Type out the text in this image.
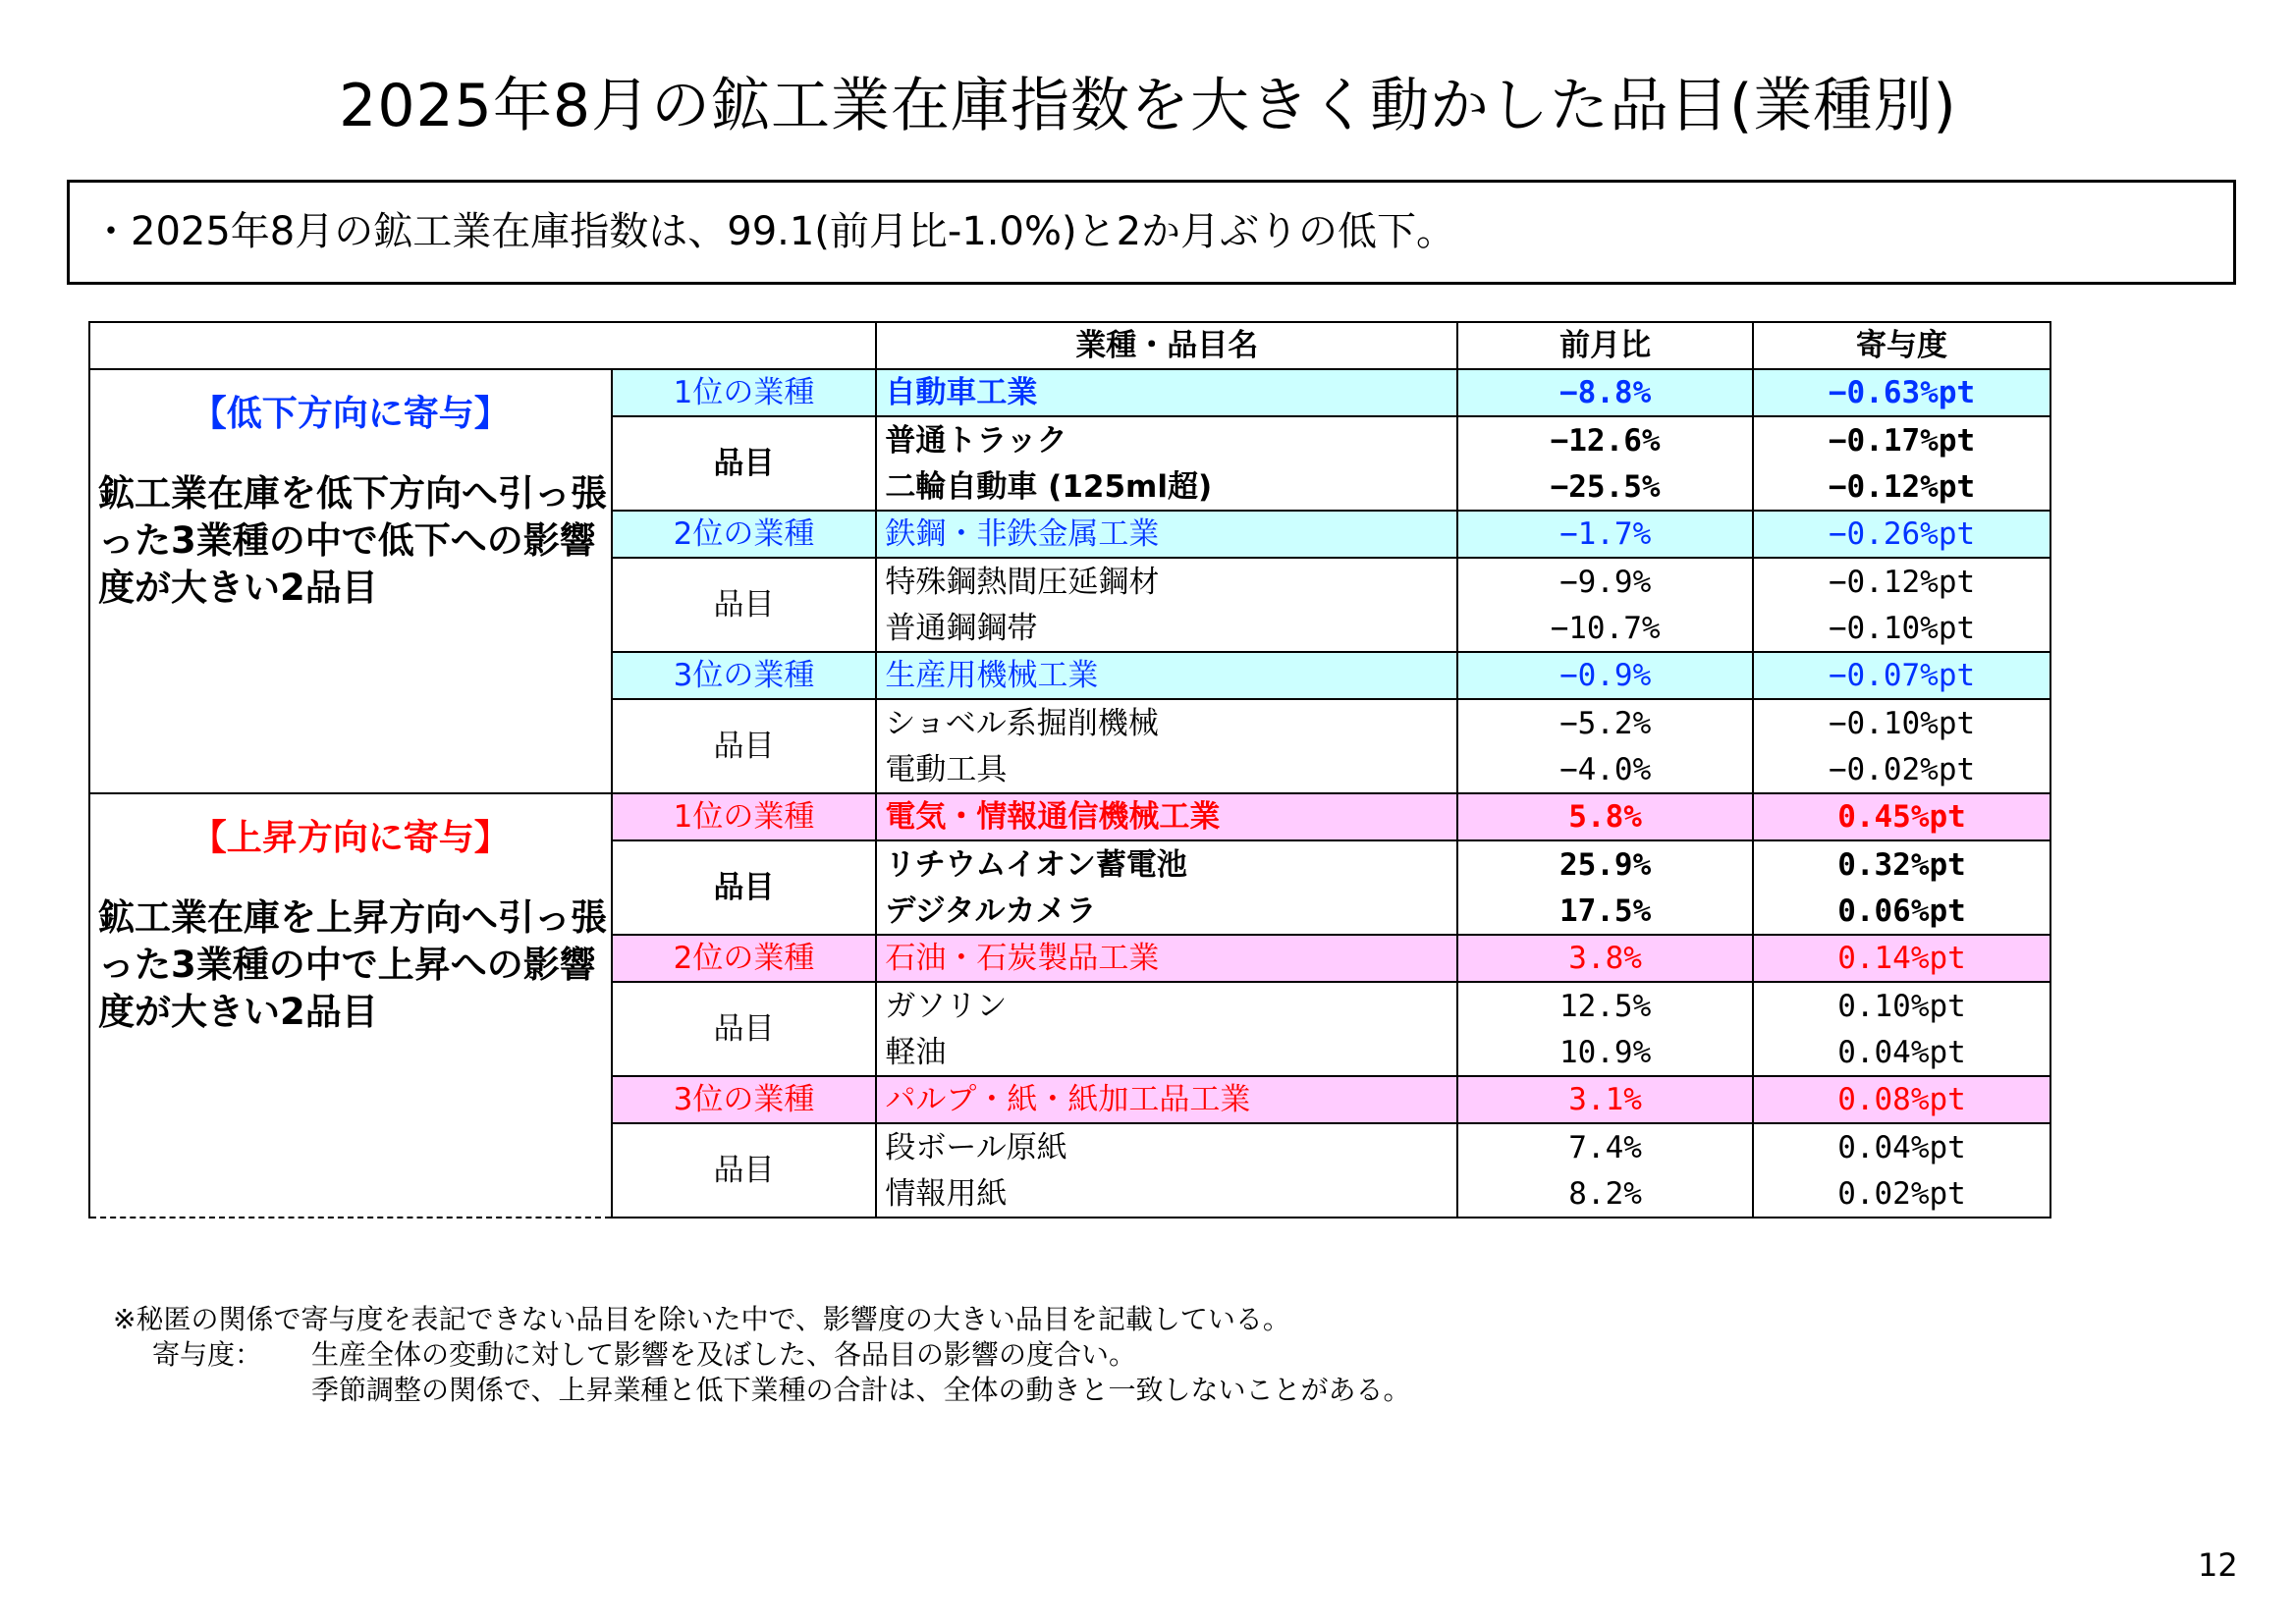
2025年8月の鉱工業在庫指数を大きく動かした品目(業種別)
・2025年8月の鉱工業在庫指数は、99.1(前月比-1.0%)と2か月ぶりの低下。
		業種・品目名	前月比	寄与度

【低下方向に寄与】
鉱工業在庫を低下方向へ引っ張った3業種の中で低下への影響度が大きい2品目	1位の業種	自動車工業	−8.8%	−0.63%pt
	品目	普通トラック	−12.6%	−0.17%pt
		二輪自動車 (125ml超)	−25.5%	−0.12%pt
	2位の業種	鉄鋼・非鉄金属工業	−1.7%	−0.26%pt
	品目	特殊鋼熱間圧延鋼材	−9.9%	−0.12%pt
		普通鋼鋼帯	−10.7%	−0.10%pt
	3位の業種	生産用機械工業	−0.9%	−0.07%pt
	品目	ショベル系掘削機械	−5.2%	−0.10%pt
		電動工具	−4.0%	−0.02%pt

【上昇方向に寄与】
鉱工業在庫を上昇方向へ引っ張った3業種の中で上昇への影響度が大きい2品目	1位の業種	電気・情報通信機械工業	5.8%	0.45%pt
	品目	リチウムイオン蓄電池	25.9%	0.32%pt
		デジタルカメラ	17.5%	0.06%pt
	2位の業種	石油・石炭製品工業	3.8%	0.14%pt
	品目	ガソリン	12.5%	0.10%pt
		軽油	10.9%	0.04%pt
	3位の業種	パルプ・紙・紙加工品工業	3.1%	0.08%pt
	品目	段ボール原紙	7.4%	0.04%pt
		情報用紙	8.2%	0.02%pt
※秘匿の関係で寄与度を表記できない品目を除いた中で、影響度の大きい品目を記載している。
寄与度： 生産全体の変動に対して影響を及ぼした、各品目の影響の度合い。
季節調整の関係で、上昇業種と低下業種の合計は、全体の動きと一致しないことがある。
12
